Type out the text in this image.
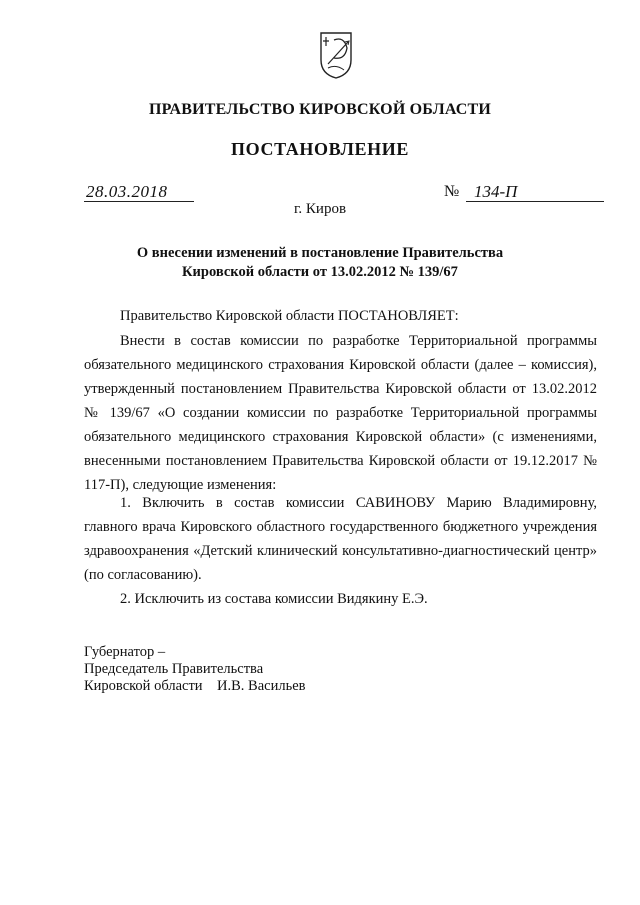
ПРАВИТЕЛЬСТВО КИРОВСКОЙ ОБЛАСТИ
ПОСТАНОВЛЕНИЕ
28.03.2018	№ 134-П
г. Киров
О внесении изменений в постановление Правительства
Кировской области от 13.02.2012 № 139/67
Правительство Кировской области ПОСТАНОВЛЯЕТ:
Внести в состав комиссии по разработке Территориальной программы обязательного медицинского страхования Кировской области (далее – комиссия), утвержденный постановлением Правительства Кировской области от 13.02.2012 № 139/67 «О создании комиссии по разработке Территориальной программы обязательного медицинского страхования Кировской области» (с изменениями, внесенными постановлением Правительства Кировской области от 19.12.2017 № 117-П), следующие изменения:
1. Включить в состав комиссии САВИНОВУ Марию Владимировну, главного врача Кировского областного государственного бюджетного учреждения здравоохранения «Детский клинический консультативно-диагностический центр» (по согласованию).
2. Исключить из состава комиссии Видякину Е.Э.
Губернатор –
Председатель Правительства
Кировской области    И.В. Васильев
